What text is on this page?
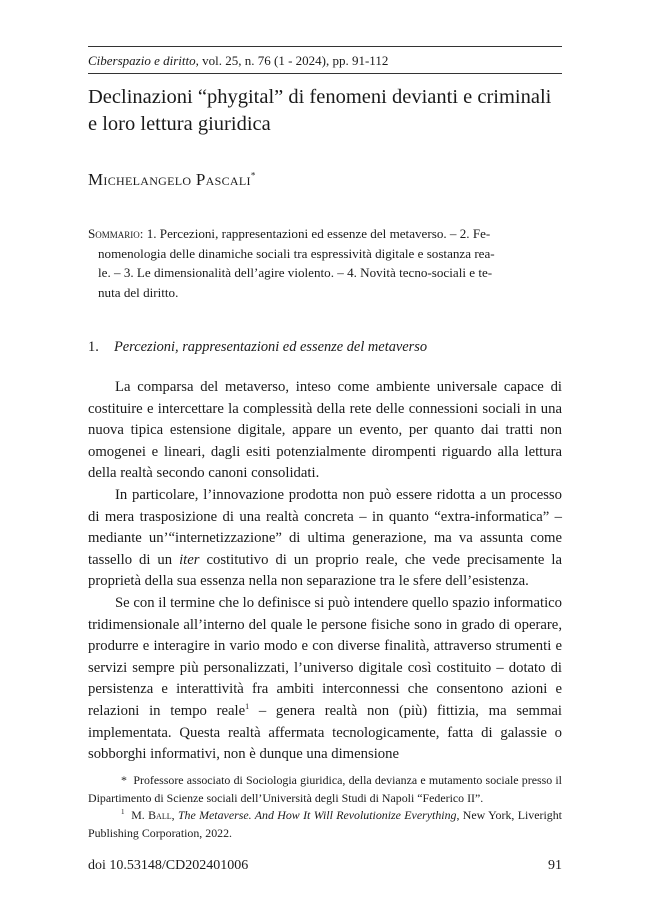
Ciberspazio e diritto, vol. 25, n. 76 (1 - 2024), pp. 91-112
Declinazioni “phygital” di fenomeni devianti e criminali e loro lettura giuridica
Michelangelo Pascali*
Sommario: 1. Percezioni, rappresentazioni ed essenze del metaverso. – 2. Fe-
nomenologia delle dinamiche sociali tra espressività digitale e sostanza rea-
le. – 3. Le dimensionalità dell’agire violento. – 4. Novità tecno-sociali e te-
nuta del diritto.
1. Percezioni, rappresentazioni ed essenze del metaverso

La comparsa del metaverso, inteso come ambiente universale capace di costituire e intercettare la complessità della rete delle connessioni sociali in una nuova tipica estensione digitale, appare un evento, per quanto dai tratti non omogenei e lineari, dagli esiti potenzialmente dirompenti riguardo alla lettura della realtà secondo canoni consolidati.

In particolare, l’innovazione prodotta non può essere ridotta a un processo di mera trasposizione di una realtà concreta – in quanto “extra-informatica” – mediante un’“internetizzazione” di ultima generazione, ma va assunta come tassello di un iter costitutivo di un proprio reale, che vede precisamente la proprietà della sua essenza nella non separazione tra le sfere dell’esistenza.

Se con il termine che lo definisce si può intendere quello spazio informatico tridimensionale all’interno del quale le persone fisiche sono in grado di operare, produrre e interagire in vario modo e con diverse finalità, attraverso strumenti e servizi sempre più personalizzati, l’universo digitale così costituito – dotato di persistenza e interattività fra ambiti interconnessi che consentono azioni e relazioni in tempo reale$^1$ – genera realtà non (più) fittizia, ma semmai implementata. Questa realtà affermata tecnologicamente, fatta di galassie o sobborghi informativi, non è dunque una dimensione

* Professore associato di Sociologia giuridica, della devianza e mutamento sociale presso il Dipartimento di Scienze sociali dell’Università degli Studi di Napoli “Federico II”.

$^1$ M. Ball, The Metaverse. And How It Will Revolutionize Everything, New York, Liveright Publishing Corporation, 2022.

doi 10.53148/CD202401006	91
